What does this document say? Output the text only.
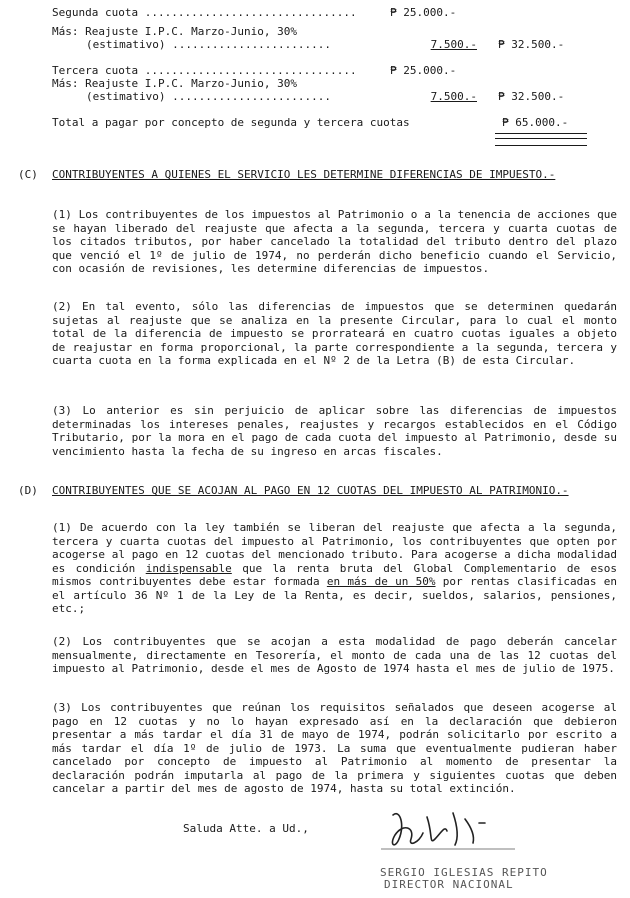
Segunda cuota ................................	₱ 25.000.-
Más: Reajuste I.P.C. Marzo-Junio, 30%
(estimativo) ........................	7.500.- ₱ 32.500.-
Tercera cuota ................................	₱ 25.000.-
Más: Reajuste I.P.C. Marzo-Junio, 30%
(estimativo) ........................	7.500.- ₱ 32.500.-
Total a pagar por concepto de segunda y tercera cuotas	₱ 65.000.-
(C) CONTRIBUYENTES A QUIENES EL SERVICIO LES DETERMINE DIFERENCIAS DE IMPUESTO.-
(1) Los contribuyentes de los impuestos al Patrimonio o a la tenencia de acciones que se hayan liberado del reajuste que afecta a la segunda, tercera y cuarta cuotas de los citados tributos, por haber cancelado la totalidad del tributo dentro del plazo que venció el 1º de julio de 1974, no perderán dicho beneficio cuando el Servicio, con ocasión de revisiones, les determine diferencias de impuestos.
(2) En tal evento, sólo las diferencias de impuestos que se determinen quedarán sujetas al reajuste que se analiza en la presente Circular, para lo cual el monto total de la diferencia de impuesto se prorrateará en cuatro cuotas iguales a objeto de reajustar en forma proporcional, la parte correspondiente a la segunda, tercera y cuarta cuota en la forma explicada en el Nº 2 de la Letra (B) de esta Circular.
(3) Lo anterior es sin perjuicio de aplicar sobre las diferencias de impuestos determinadas los intereses penales, reajustes y recargos establecidos en el Código Tributario, por la mora en el pago de cada cuota del impuesto al Patrimonio, desde su vencimiento hasta la fecha de su ingreso en arcas fiscales.
(D) CONTRIBUYENTES QUE SE ACOJAN AL PAGO EN 12 CUOTAS DEL IMPUESTO AL PATRIMONIO.-
(1) De acuerdo con la ley también se liberan del reajuste que afecta a la segunda, tercera y cuarta cuotas del impuesto al Patrimonio, los contribuyentes que opten por acogerse al pago en 12 cuotas del mencionado tributo. Para acogerse a dicha modalidad es condición indispensable que la renta bruta del Global Complementario de esos mismos contribuyentes debe estar formada en más de un 50% por rentas clasificadas en el artículo 36 Nº 1 de la Ley de la Renta, es decir, sueldos, salarios, pensiones, etc.;
(2) Los contribuyentes que se acojan a esta modalidad de pago deberán cancelar mensualmente, directamente en Tesorería, el monto de cada una de las 12 cuotas del impuesto al Patrimonio, desde el mes de Agosto de 1974 hasta el mes de julio de 1975.
(3) Los contribuyentes que reúnan los requisitos señalados que deseen acogerse al pago en 12 cuotas y no lo hayan expresado así en la declaración que debieron presentar a más tardar el día 31 de mayo de 1974, podrán solicitarlo por escrito a más tardar el día 1º de julio de 1973. La suma que eventualmente pudieran haber cancelado por concepto de impuesto al Patrimonio al momento de presentar la declaración podrán imputarla al pago de la primera y siguientes cuotas que deben cancelar a partir del mes de agosto de 1974, hasta su total extinción.
Saluda Atte. a Ud.,
SERGIO IGLESIAS REPITO
DIRECTOR NACIONAL
